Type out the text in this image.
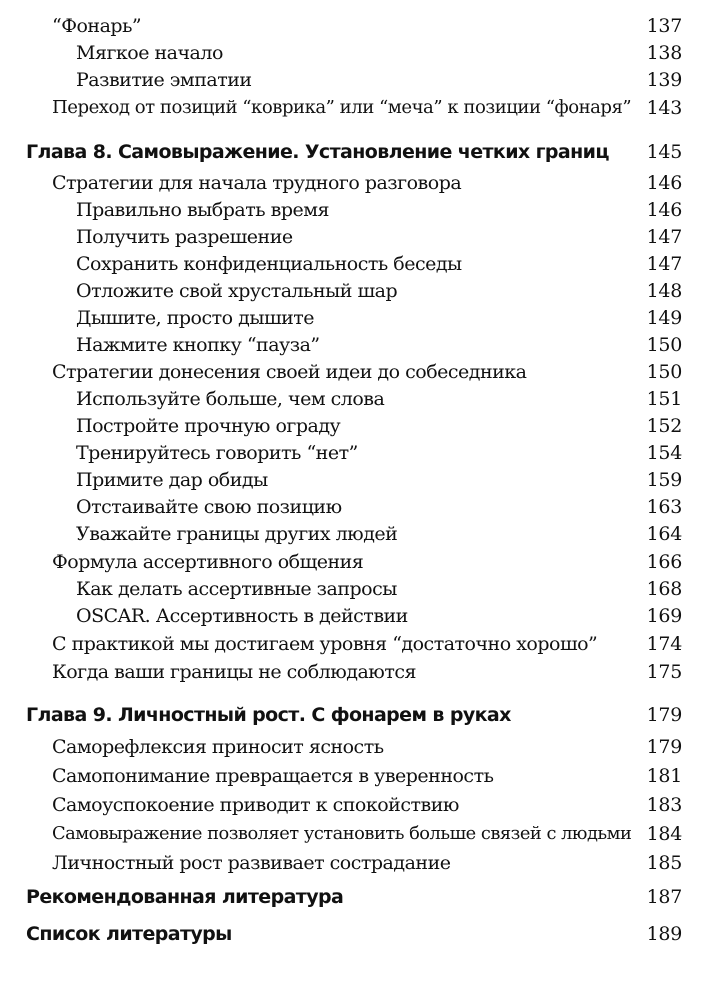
“Фонарь”	137
Мягкое начало	138
Развитие эмпатии	139
Переход от позиций “коврика” или “меча” к позиции “фонаря” 143
Глава 8. Самовыражение. Установление четких границ 145
Стратегии для начала трудного разговора	146
Правильно выбрать время	146
Получить разрешение	147
Сохранить конфиденциальность беседы	147
Отложите свой хрустальный шар	148
Дышите, просто дышите	149
Нажмите кнопку “пауза”	150
Стратегии донесения своей идеи до собеседника	150
Используйте больше, чем слова	151
Постройте прочную ограду	152
Тренируйтесь говорить “нет”	154
Примите дар обиды	159
Отстаивайте свою позицию	163
Уважайте границы других людей	164
Формула ассертивного общения	166
Как делать ассертивные запросы	168
OSCAR. Ассертивность в действии	169
С практикой мы достигаем уровня “достаточно хорошо”	174
Когда ваши границы не соблюдаются	175
Глава 9. Личностный рост. С фонарем в руках	179
Саморефлексия приносит ясность	179
Самопонимание превращается в уверенность	181
Самоуспокоение приводит к спокойствию	183
Самовыражение позволяет установить больше связей с людьми 184
Личностный рост развивает сострадание	185
Рекомендованная литература	187
Список литературы	189
